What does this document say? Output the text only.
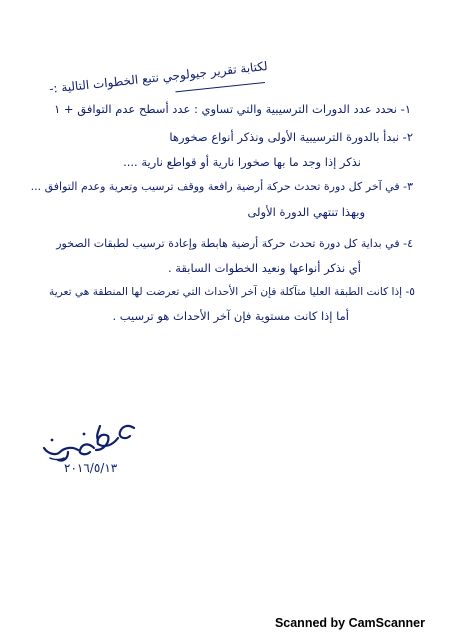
لكتابة تقرير جيولوجي نتبع الخطوات التالية :-
١- نحدد عدد الدورات الترسيبية والتي تساوي : عدد أسطح عدم التوافق + ١
٢- نبدأ بالدورة الترسيبية الأولى ونذكر أنواع صخورها
نذكر إذا وجد ما بها صخورا نارية أو قواطع نارية ....
٣- في آخر كل دورة تحدث حركة أرضية رافعة ووقف ترسيب وتعرية وعدم التوافق ...
وبهذا تنتهي الدورة الأولى
٤- في بداية كل دورة تحدث حركة أرضية هابطة وإعادة ترسيب لطبقات الصخور
أي نذكر أنواعها ونعيد الخطوات السابقة .
٥- إذا كانت الطبقة العليا متآكلة فإن آخر الأحداث التي تعرضت لها المنطقة هي تعرية
أما إذا كانت مستوية فإن آخر الأحداث هو ترسيب .
٢٠١٦/٥/١٣
Scanned by CamScanner
